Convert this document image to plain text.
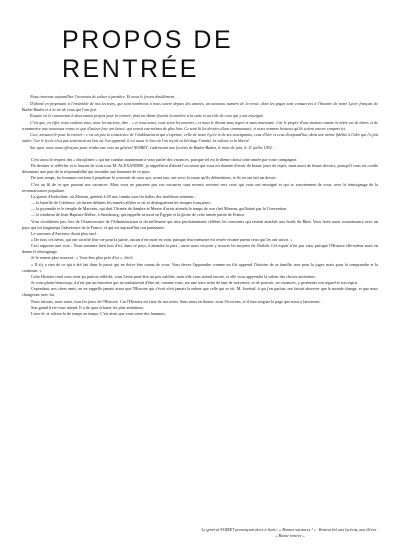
PROPOS DE RENTRÉE

Nous trouvons aujourd'hui l'occasion de saluer à paraître. Et nous le ferons doublement.

D'abord en proposant à l'ensemble de nos lecteurs, qui sont nombreux à nous suivre depuis des années, un nouveau numéro de la revue, dont les pages sont consacrées à l'histoire de notre Lycée français de Baden-Baden et à la vie de ceux qui l'ont fait.

Ensuite en le consacrant à deux mains propos pour la rentrée, dont un thème fournit la matière à la suite et au rôle de ceux qui y ont enseigné.

C'est que, en effet, nous voulons tous, nous les anciens, dire : « et vous aussi, vous serez les anciens » et nous le disons sans regret et sans amertume. Car le propre d'une maison comme la nôtre est de durer, et de transmettre aux nouveaux venus ce que d'autres leur ont laissé, qui venait eux-mêmes de plus loin. Ce sont là les devoirs d'une communauté, et nous sommes heureux qu'ils soient encore compris ici.

Ceci, mesurez-le pour la rentrée : c'est un peu la conscience de l'établissement qui s'exprime, celle de notre Lycée et de ses enseignants, ceux d'hier et ceux d'aujourd'hui, dans une même fidélité à l'idée qui l'a fait naître. Car le lycée n'est pas seulement un lieu où l'on apprend, il est aussi le lieu où l'on reçoit en héritage l'amitié, la culture et la liberté.

Sur quoi, nous nous efforçons pour rendre une voix au général NOIRET, s'adressant aux lycéens de Baden-Baden, le mois de juin, le 11 juillet 1952 :

C'est aussi le respect des « disciplines » qui me conduit maintenant à vous parler des vacances, puisque tel est le thème choisi cette année par votre compagnie.

De deviner si réfléchir et si fournir de vous tous M. ALEXANDRE, je rappellerai d'abord l'occasion qui vous est donnée d'avoir de beaux jours de repos, mais aussi de beaux devoirs, puisqu'il vous est confié désormais une part de la responsabilité qui incombe aux hommes de ce pays.

De tout temps, les hommes ont tenu à perpétuer le souvenir de ceux qui, avant eux, ont servi la cause qu'ils défendaient, et ils en ont fait un devoir.

C'est au fil de ce que passent nos vacances. Mais vous ne passerez pas vos vacances sans revenir souvent vers ceux qui vous ont enseigné et qui se souviennent de vous, avec le témoignage de la reconnaissance populaire.

La guerre d'Indochine, où Moreau, général à 28 ans, tomba sous les balles des tirailleurs ennemis ;

— la bataille de Coblence, où furent défaites les armées alliées et où se distinguèrent les troupes françaises ;

— la pyramide et le temple de Marceau, qui doit l'Armée de Sambre et Meuse d'avoir attendu le temps de son chef Moreau, guillotiné par la Convention.

— le tombeau de Jean-Baptiste Kléber, à Strasbourg, qui rappelle sa mort en Égypte et la gloire de cette armée partie de France.

Vous n'oublierez pas, lors de l'Anniversaire de l'Administration et du millénaire qui sera prochainement célébré, les souvenirs qui restent attachés aux bords du Rhin. Vous ferez aussi connaissance avec un pays qui fut longtemps l'adversaire de la France, et qui est aujourd'hui son partenaire.

Le souvenir d'Ancestor disait plus tard :

« De tous ces héros, qui ont sacrifié leur vie pour la patrie, aucun n'est mort en vain, puisque leur mémoire est restée vivante parmi ceux qui les ont suivis. »

Ceci rapporte une voix : Nous sommes bien loin d'ici, dans ce pays, à attendre la paix ; aussi nous croyons y trouver les moyens de l'établir. Cet espoir n'est pas vain, puisque l'Histoire elle-même nous en donne le témoignage.

Je le remets plus souvent : « Vous êtes plus près d'ici », dit-il.

« Il n'y a rien de ce qui a été fait dans le passé qui ne doive être connu de vous. Vous devez l'apprendre comme un fils apprend l'histoire de sa famille, non pour la juger, mais pour la comprendre et la continuer. »

Cette Histoire rend vous avez pu parfois réfléchi, vous l'avez peut-être un peu oubliée, mais elle vous attend encore, et elle vous apprendra la valeur des choses anciennes.

Je vous plains beaucoup, il n'est pas un historien qui ne souhaiterait d'être né, comme vous, sur une terre riche de tant de souvenirs, et de pouvoir, en vacances, y promener son regard et son esprit.

Cependant, nos chers amis, on ne rappelle jamais assez que l'Histoire qui s'écrit n'est jamais la même que celle qui se vit. M. Juvénal, à qui j'en parlais, me faisait observer que le monde change, et que nous changeons avec lui.

Nous faisons, nous aussi, tous les jours de l'Histoire. Car l'Histoire est faite de nos actes. Sans nous en douter, nous l'écrivons, et il faut soigner la page que nous y laisserons.

Son grand livre vous attend. Il a de quoi éclairer les plus ambitieux.

Lisez-le, et relisez-le de temps en temps. C'est ainsi que vous serez des hommes.

Le général NOIRET prononçant alors à leurs : « Bonnes vacances ! » · Rentrez bel aux lycéens, aux élèves : « Bonne rentrée »
